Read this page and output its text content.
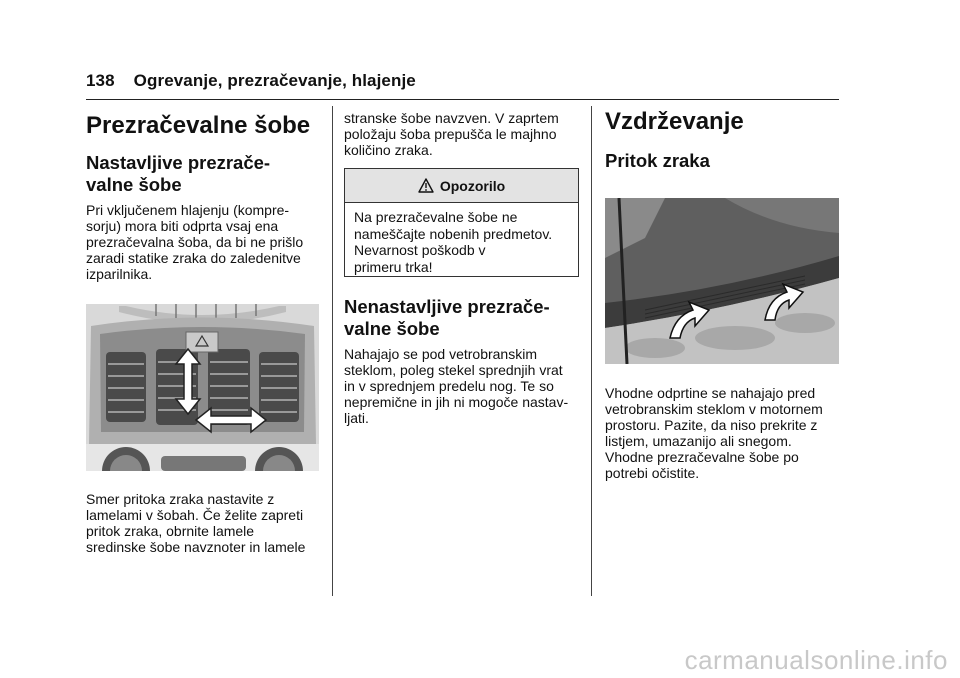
138 Ogrevanje, prezračevanje, hlajenje
Prezračevalne šobe
Nastavljive prezrače-
valne šobe
Pri vključenem hlajenju (kompre-
sorju) mora biti odprta vsaj ena
prezračevalna šoba, da bi ne prišlo
zaradi statike zraka do zaledenitve
izparilnika.
Smer pritoka zraka nastavite z
lamelami v šobah. Če želite zapreti
pritok zraka, obrnite lamele
sredinske šobe navznoter in lamele
stranske šobe navzven. V zaprtem
položaju šoba prepušča le majhno
količino zraka.
Opozorilo
Na prezračevalne šobe ne
nameščajte nobenih predmetov.
Nevarnost poškodb v
primeru trka!
Nenastavljive prezrače-
valne šobe
Nahajajo se pod vetrobranskim
steklom, poleg stekel sprednjih vrat
in v sprednjem predelu nog. Te so
nepremične in jih ni mogoče nastav-
ljati.
Vzdrževanje
Pritok zraka
Vhodne odprtine se nahajajo pred
vetrobranskim steklom v motornem
prostoru. Pazite, da niso prekrite z
listjem, umazanijo ali snegom.
Vhodne prezračevalne šobe po
potrebi očistite.
carmanualsonline.info
